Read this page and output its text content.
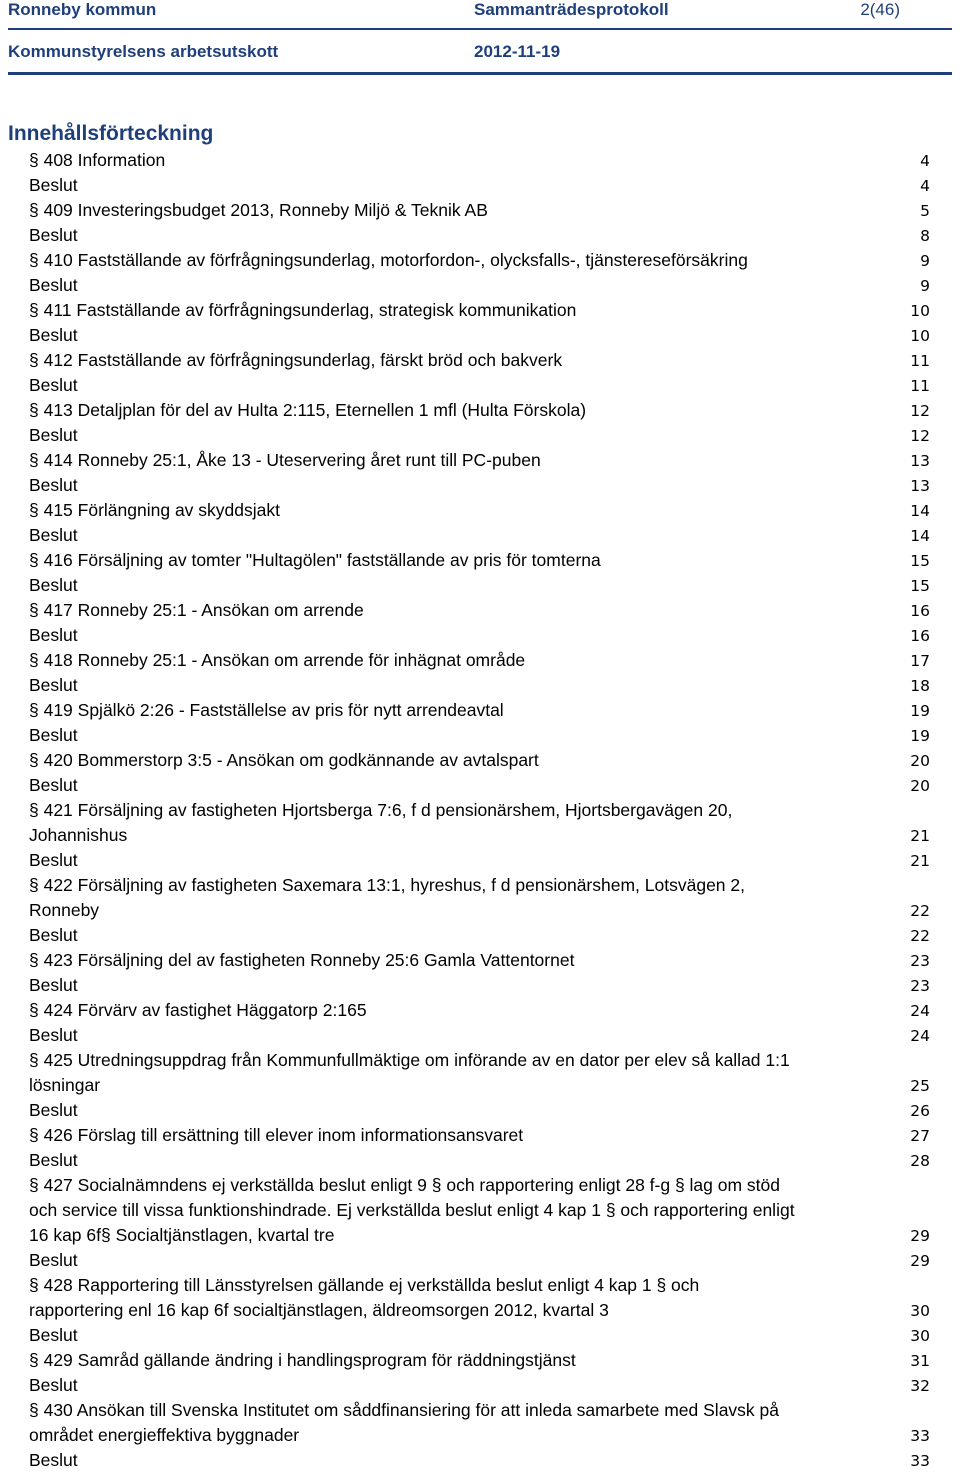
Ronneby kommun	Sammanträdesprotokoll	2(46)
Kommunstyrelsens arbetsutskott	2012-11-19
Innehållsförteckning
§ 408 Information	4
Beslut	4
§ 409 Investeringsbudget 2013, Ronneby Miljö & Teknik AB	5
Beslut	8
§ 410 Fastställande av förfrågningsunderlag, motorfordon-, olycksfalls-, tjänstereseförsäkring	9
Beslut	9
§ 411 Fastställande av förfrågningsunderlag, strategisk kommunikation	10
Beslut	10
§ 412 Fastställande av förfrågningsunderlag, färskt bröd och bakverk	11
Beslut	11
§ 413 Detaljplan för del av Hulta 2:115, Eternellen 1 mfl (Hulta Förskola)	12
Beslut	12
§ 414 Ronneby 25:1, Åke 13 - Uteservering året runt till PC-puben	13
Beslut	13
§ 415 Förlängning av skyddsjakt	14
Beslut	14
§ 416 Försäljning av tomter "Hultagölen" fastställande av pris för tomterna	15
Beslut	15
§ 417 Ronneby 25:1 - Ansökan om arrende	16
Beslut	16
§ 418 Ronneby 25:1 - Ansökan om arrende för inhägnat område	17
Beslut	18
§ 419 Spjälkö 2:26 - Fastställelse av pris för nytt arrendeavtal	19
Beslut	19
§ 420 Bommerstorp 3:5 - Ansökan om godkännande av avtalspart	20
Beslut	20
§ 421 Försäljning av fastigheten Hjortsberga 7:6, f d pensionärshem, Hjortsbergavägen 20,
Johannishus	21
Beslut	21
§ 422 Försäljning av fastigheten Saxemara 13:1, hyreshus, f d pensionärshem, Lotsvägen 2,
Ronneby	22
Beslut	22
§ 423 Försäljning del av fastigheten Ronneby 25:6 Gamla Vattentornet	23
Beslut	23
§ 424 Förvärv av fastighet Häggatorp 2:165	24
Beslut	24
§ 425 Utredningsuppdrag från Kommunfullmäktige om införande av en dator per elev så kallad 1:1
lösningar	25
Beslut	26
§ 426 Förslag till ersättning till elever inom informationsansvaret	27
Beslut	28
§ 427 Socialnämndens ej verkställda beslut enligt 9 § och rapportering enligt 28 f-g § lag om stöd
och service till vissa funktionshindrade. Ej verkställda beslut enligt 4 kap 1 § och rapportering enligt
16 kap 6f§ Socialtjänstlagen, kvartal tre	29
Beslut	29
§ 428 Rapportering till Länsstyrelsen gällande ej verkställda beslut enligt 4 kap 1 § och
rapportering enl 16 kap 6f socialtjänstlagen, äldreomsorgen 2012, kvartal 3	30
Beslut	30
§ 429 Samråd gällande ändring i handlingsprogram för räddningstjänst	31
Beslut	32
§ 430 Ansökan till Svenska Institutet om såddfinansiering för att inleda samarbete med Slavsk på
området energieffektiva byggnader	33
Beslut	33
